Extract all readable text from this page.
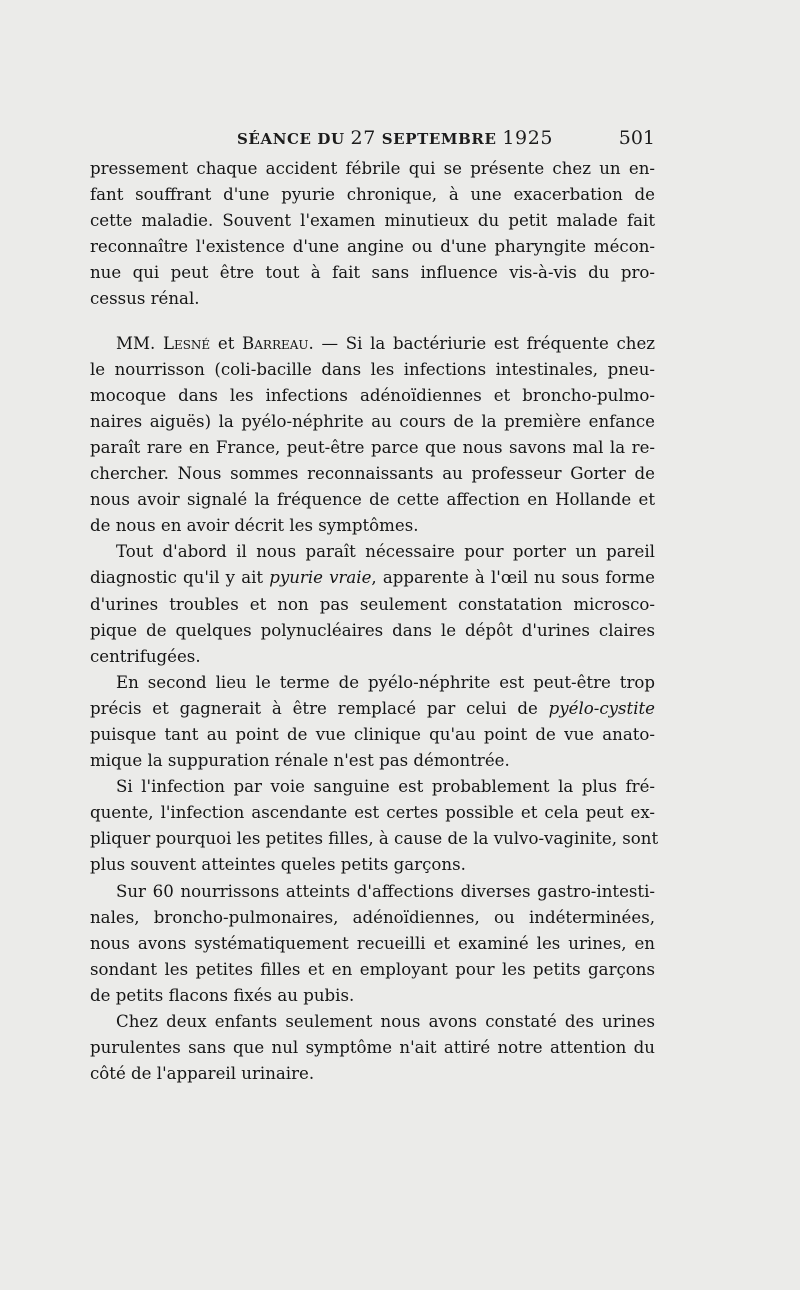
SÉANCE DU 27 SEPTEMBRE 1925	501
pressement chaque accident fébrile qui se présente chez un en-
fant souffrant d'une pyurie chronique, à une exacerbation de
cette maladie. Souvent l'examen minutieux du petit malade fait
reconnaître l'existence d'une angine ou d'une pharyngite mécon-
nue qui peut être tout à fait sans influence vis-à-vis du pro-
cessus rénal.
MM. Lesné et Barreau. — Si la bactériurie est fréquente chez
le nourrisson (coli-bacille dans les infections intestinales, pneu-
mocoque dans les infections adénoïdiennes et broncho-pulmo-
naires aiguës) la pyélo-néphrite au cours de la première enfance
paraît rare en France, peut-être parce que nous savons mal la re-
chercher. Nous sommes reconnaissants au professeur Gorter de
nous avoir signalé la fréquence de cette affection en Hollande et
de nous en avoir décrit les symptômes.
Tout d'abord il nous paraît nécessaire pour porter un pareil
diagnostic qu'il y ait pyurie vraie, apparente à l'œil nu sous forme
d'urines troubles et non pas seulement constatation microsco-
pique de quelques polynucléaires dans le dépôt d'urines claires
centrifugées.
En second lieu le terme de pyélo-néphrite est peut-être trop
précis et gagnerait à être remplacé par celui de pyélo-cystite
puisque tant au point de vue clinique qu'au point de vue anato-
mique la suppuration rénale n'est pas démontrée.
Si l'infection par voie sanguine est probablement la plus fré-
quente, l'infection ascendante est certes possible et cela peut ex-
pliquer pourquoi les petites filles, à cause de la vulvo-vaginite, sont
plus souvent atteintes queles petits garçons.
Sur 60 nourrissons atteints d'affections diverses gastro-intesti-
nales, broncho-pulmonaires, adénoïdiennes, ou indéterminées,
nous avons systématiquement recueilli et examiné les urines, en
sondant les petites filles et en employant pour les petits garçons
de petits flacons fixés au pubis.
Chez deux enfants seulement nous avons constaté des urines
purulentes sans que nul symptôme n'ait attiré notre attention du
côté de l'appareil urinaire.
